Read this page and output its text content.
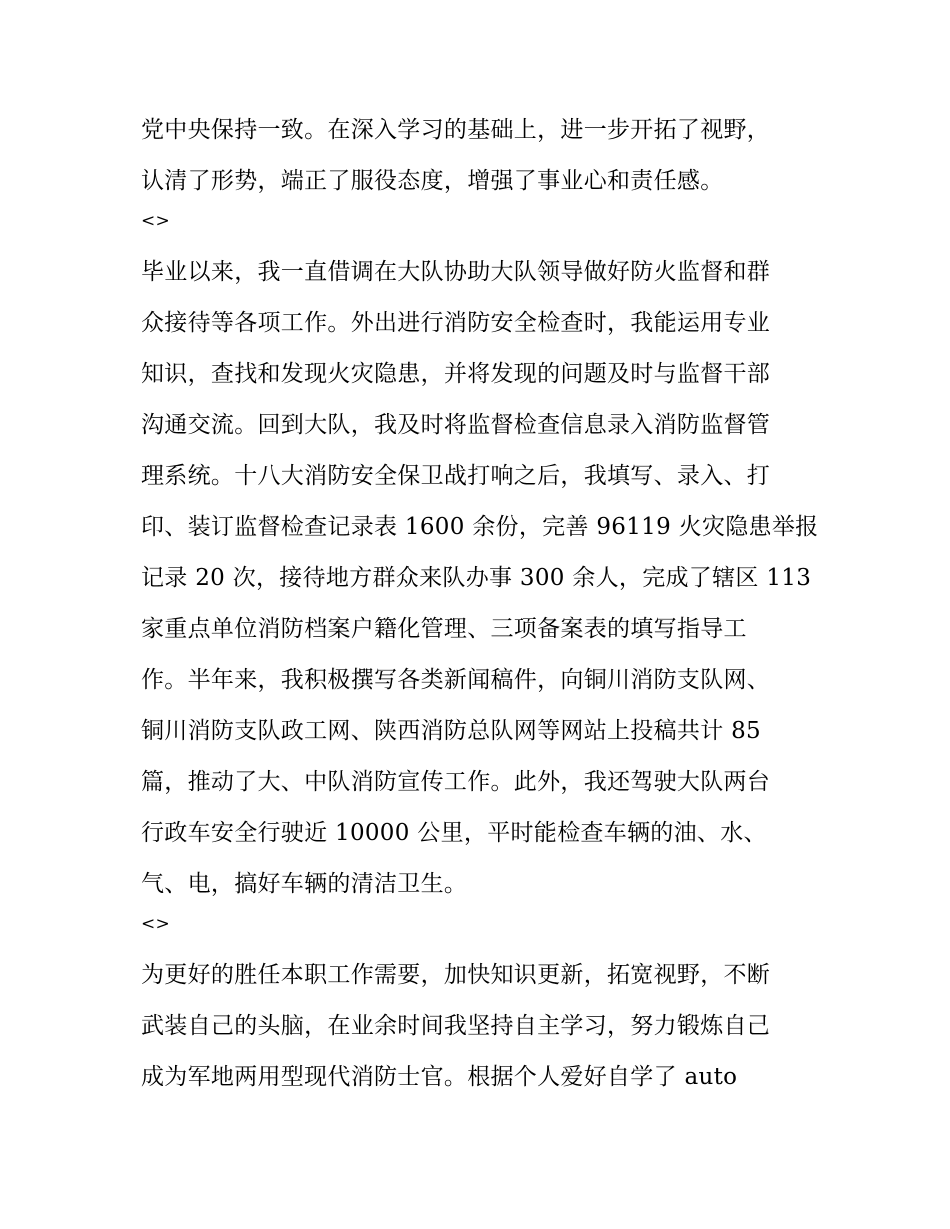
党中央保持一致。在深入学习的基础上，进一步开拓了视野，
认清了形势，端正了服役态度，增强了事业心和责任感。
<>
毕业以来，我一直借调在大队协助大队领导做好防火监督和群
众接待等各项工作。外出进行消防安全检查时，我能运用专业
知识，查找和发现火灾隐患，并将发现的问题及时与监督干部
沟通交流。回到大队，我及时将监督检查信息录入消防监督管
理系统。十八大消防安全保卫战打响之后，我填写、录入、打
印、装订监督检查记录表 1600 余份，完善 96119 火灾隐患举报
记录 20 次，接待地方群众来队办事 300 余人，完成了辖区 113
家重点单位消防档案户籍化管理、三项备案表的填写指导工
作。半年来，我积极撰写各类新闻稿件，向铜川消防支队网、
铜川消防支队政工网、陕西消防总队网等网站上投稿共计 85
篇，推动了大、中队消防宣传工作。此外，我还驾驶大队两台
行政车安全行驶近 10000 公里，平时能检查车辆的油、水、
气、电，搞好车辆的清洁卫生。
<>
为更好的胜任本职工作需要，加快知识更新，拓宽视野，不断
武装自己的头脑，在业余时间我坚持自主学习，努力锻炼自己
成为军地两用型现代消防士官。根据个人爱好自学了 auto
